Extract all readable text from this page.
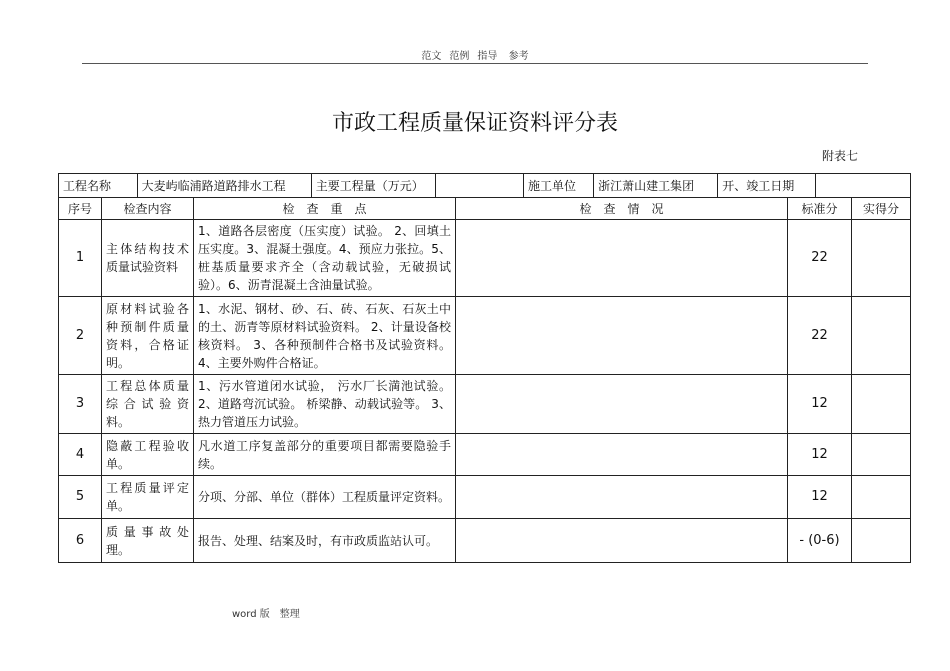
范文 范例 指导 参考
市政工程质量保证资料评分表
附表七
工程名称	大麦屿临浦路道路排水工程	主要工程量（万元）		施工单位	浙江萧山建工集团	开、竣工日期	

序号	检查内容	检　查　重　点	检　查　情　况	标准分	实得分
1	主体结构技术质量试验资料	1、道路各层密度（压实度）试验。 2、回填土压实度。3、混凝土强度。4、预应力张拉。5、桩基质量要求齐全（含动载试验，无破损试验）。6、沥青混凝土含油量试验。		22	
2	原材料试验各种预制件质量资料，合格证明。	1、水泥、钢材、砂、石、砖、石灰、石灰土中的土、沥青等原材料试验资料。 2、计量设备校核资料。 3、各种预制件合格书及试验资料。 4、主要外购件合格证。		22	
3	工程总体质量综合试验资料。	1、污水管道闭水试验， 污水厂长満池试验。2、道路弯沉试验。 桥梁静、动载试验等。 3、热力管道压力试验。		12	
4	隐蔽工程验收单。	凡水道工序复盖部分的重要项目都需要隐验手续。		12	
5	工程质量评定单。	分项、分部、单位（群体）工程质量评定资料。		12	
6	质量事故处理。	报告、处理、结案及时，有市政质监站认可。		- (0-6)	
word 版　整理
